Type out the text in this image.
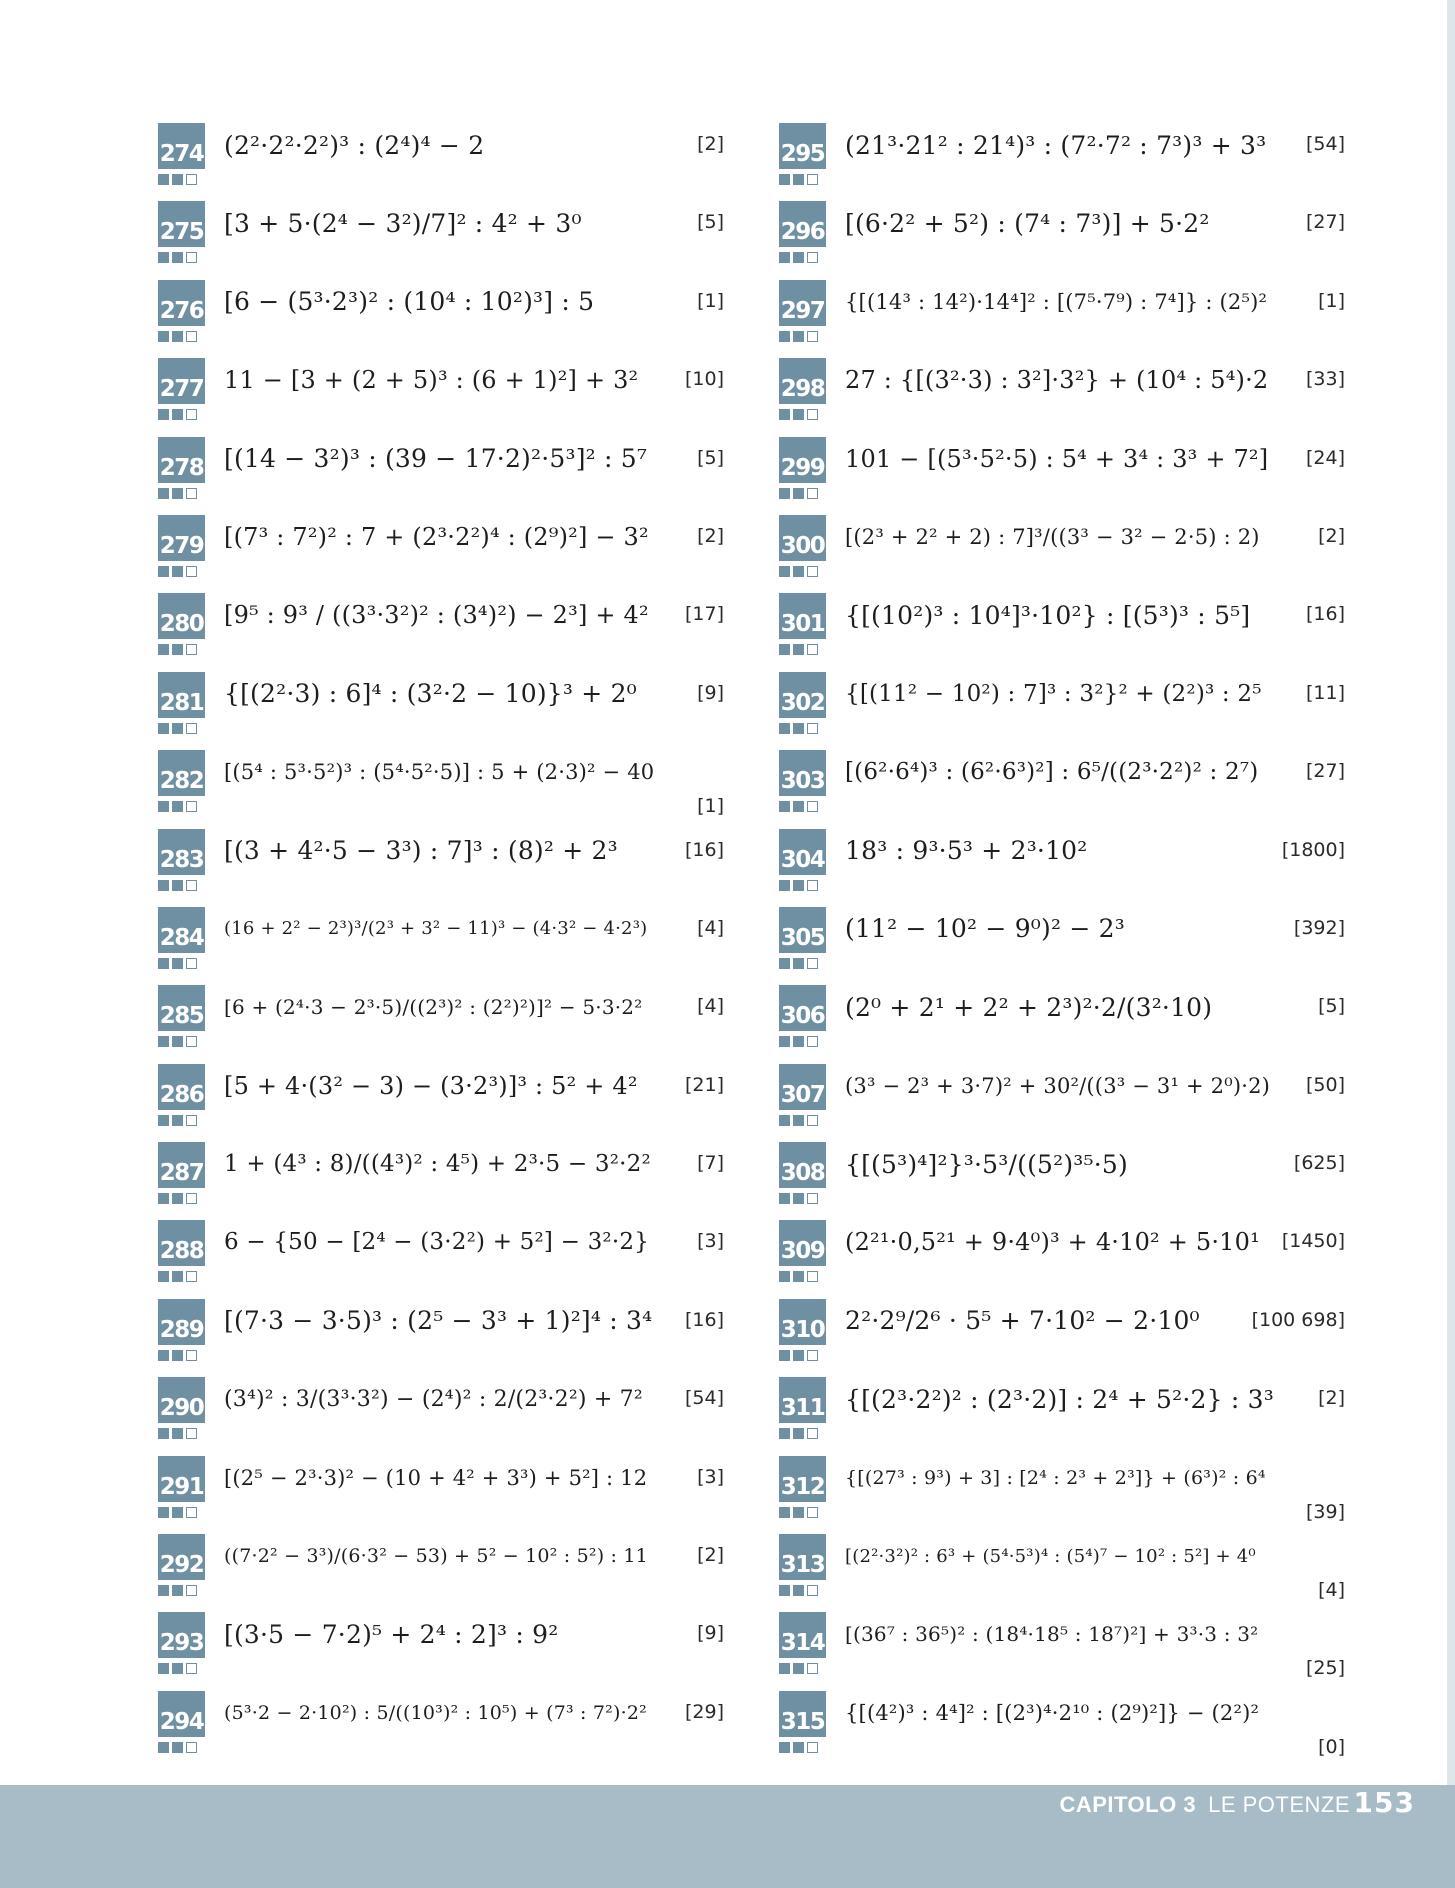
274 (2²·2²·2²)³ : (2⁴)⁴ − 2	[2]
275 [3 + 5·(2⁴ − 3²)/7]² : 4² + 3⁰	[5]
276 [6 − (5³·2³)² : (10⁴ : 10²)³] : 5	[1]
277 11 − [3 + (2 + 5)³ : (6 + 1)²] + 3²	[10]
278 [(14 − 3²)³ : (39 − 17·2)²·5³]² : 5⁷	[5]
279 [(7³ : 7²)² : 7 + (2³·2²)⁴ : (2⁹)²] − 3²	[2]
280 [9⁵ : 9³ / ((3³·3²)² : (3⁴)²) − 2³] + 4² [17]
281 {[(2²·3) : 6]⁴ : (3²·2 − 10)}³ + 2⁰	[9]
282 [(5⁴ : 5³·5²)³ : (5⁴·5²·5)] : 5 + (2·3)² − 40
[1]
283 [(3 + 4²·5 − 3³) : 7]³ : (8)² + 2³	[16]
284 (16 + 2² − 2³)³/(2³ + 3² − 11)³ − (4·3² − 4·2³)	[4]
285 [6 + (2⁴·3 − 2³·5)/((2³)² : (2²)²)]² − 5·3·2²	[4]
286 [5 + 4·(3² − 3) − (3·2³)]³ : 5² + 4²	[21]
287 1 + (4³ : 8)/((4³)² : 4⁵) + 2³·5 − 3²·2² [7]
288 6 − {50 − [2⁴ − (3·2²) + 5²] − 3²·2}	[3]
289 [(7·3 − 3·5)³ : (2⁵ − 3³ + 1)²]⁴ : 3⁴ [16]
290 (3⁴)² : 3/(3³·3²) − (2⁴)² : 2/(2³·2²) + 7²	[54]
291 [(2⁵ − 2³·3)² − (10 + 4² + 3³) + 5²] : 12	[3]
292 ((7·2² − 3³)/(6·3² − 53) + 5² − 10² : 5²) : 11	[2]
293 [(3·5 − 7·2)⁵ + 2⁴ : 2]³ : 9²	[9]
294 (5³·2 − 2·10²) : 5/((10³)² : 10⁵) + (7³ : 7²)·2²	[29]
295 (21³·21² : 21⁴)³ : (7²·7² : 7³)³ + 3³	[54]
296 [(6·2² + 5²) : (7⁴ : 7³)] + 5·2²	[27]
297 {[(14³ : 14²)·14⁴]² : [(7⁵·7⁹) : 7⁴]} : (2⁵)²	[1]
298 27 : {[(3²·3) : 3²]·3²} + (10⁴ : 5⁴)·2	[33]
299 101 − [(5³·5²·5) : 5⁴ + 3⁴ : 3³ + 7²]	[24]
300 [(2³ + 2² + 2) : 7]³/((3³ − 3² − 2·5) : 2)	[2]
301 {[(10²)³ : 10⁴]³·10²} : [(5³)³ : 5⁵]	[16]
302 {[(11² − 10²) : 7]³ : 3²}² + (2²)³ : 2⁵	[11]
303 [(6²·6⁴)³ : (6²·6³)²] : 6⁵/((2³·2²)² : 2⁷)	[27]
304 18³ : 9³·5³ + 2³·10²	[1800]
305 (11² − 10² − 9⁰)² − 2³	[392]
306 (2⁰ + 2¹ + 2² + 2³)²·2/(3²·10)	[5]
307 (3³ − 2³ + 3·7)² + 30²/((3³ − 3¹ + 2⁰)·2) [50]
308 {[(5³)⁴]²}³·5³/((5²)³⁵·5)	[625]
309 (2²¹·0,5²¹ + 9·4⁰)³ + 4·10² + 5·10¹	[1450]
310 2²·2⁹/2⁶ · 5⁵ + 7·10² − 2·10⁰	[100 698]
311 {[(2³·2²)² : (2³·2)] : 2⁴ + 5²·2} : 3³ [2]
312 {[(27³ : 9³) + 3] : [2⁴ : 2³ + 2³]} + (6³)² : 6⁴
[39]
313 [(2²·3²)² : 6³ + (5⁴·5³)⁴ : (5⁴)⁷ − 10² : 5²] + 4⁰
[4]
314 [(36⁷ : 36⁵)² : (18⁴·18⁵ : 18⁷)²] + 3³·3 : 3²
[25]
315 {[(4²)³ : 4⁴]² : [(2³)⁴·2¹⁰ : (2⁹)²]} − (2²)²
[0]
CAPITOLO 3 LE POTENZE 153
